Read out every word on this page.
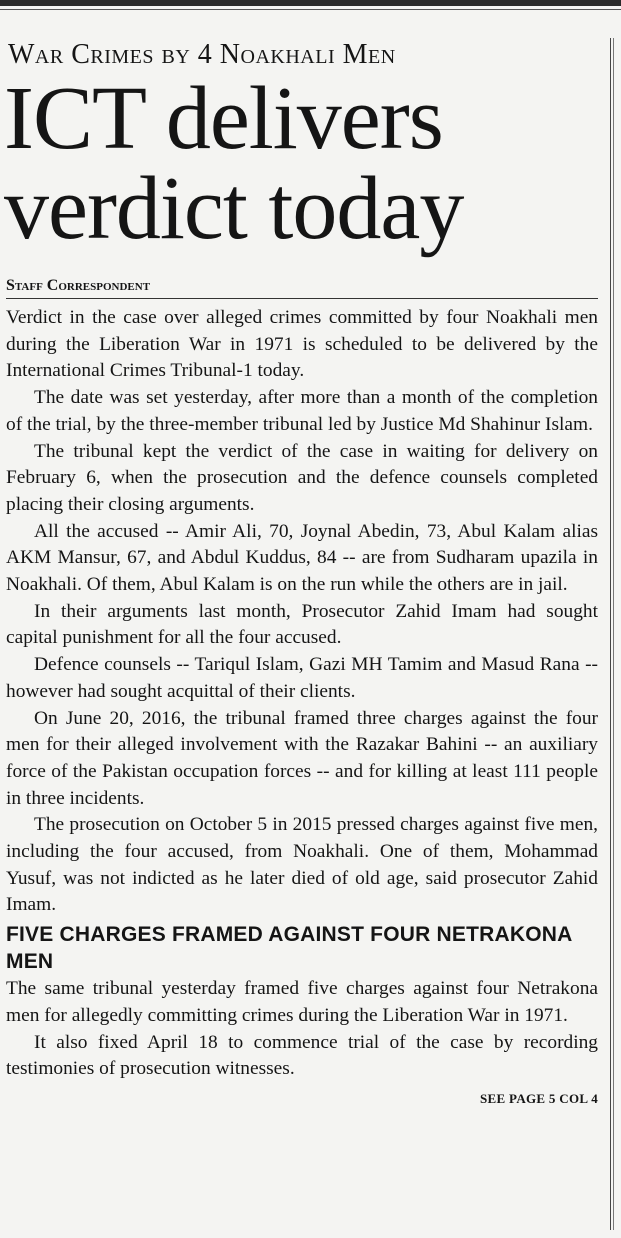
War Crimes by 4 Noakhali Men
ICT delivers
verdict today
Staff Correspondent

Verdict in the case over alleged crimes committed by four Noakhali men during the Liberation War in 1971 is scheduled to be delivered by the International Crimes Tribunal-1 today.

The date was set yesterday, after more than a month of the completion of the trial, by the three-member tribunal led by Justice Md Shahinur Islam.

The tribunal kept the verdict of the case in waiting for delivery on February 6, when the prosecution and the defence counsels completed placing their closing arguments.

All the accused -- Amir Ali, 70, Joynal Abedin, 73, Abul Kalam alias AKM Mansur, 67, and Abdul Kuddus, 84 -- are from Sudharam upazila in Noakhali. Of them, Abul Kalam is on the run while the others are in jail.

In their arguments last month, Prosecutor Zahid Imam had sought capital punishment for all the four accused.

Defence counsels -- Tariqul Islam, Gazi MH Tamim and Masud Rana -- however had sought acquittal of their clients.

On June 20, 2016, the tribunal framed three charges against the four men for their alleged involvement with the Razakar Bahini -- an auxiliary force of the Pakistan occupation forces -- and for killing at least 111 people in three incidents.

The prosecution on October 5 in 2015 pressed charges against five men, including the four accused, from Noakhali. One of them, Mohammad Yusuf, was not indicted as he later died of old age, said prosecutor Zahid Imam.

FIVE CHARGES FRAMED AGAINST FOUR NETRAKONA MEN

The same tribunal yesterday framed five charges against four Netrakona men for allegedly committing crimes during the Liberation War in 1971.

It also fixed April 18 to commence trial of the case by recording testimonies of prosecution witnesses.

SEE PAGE 5 COL 4
